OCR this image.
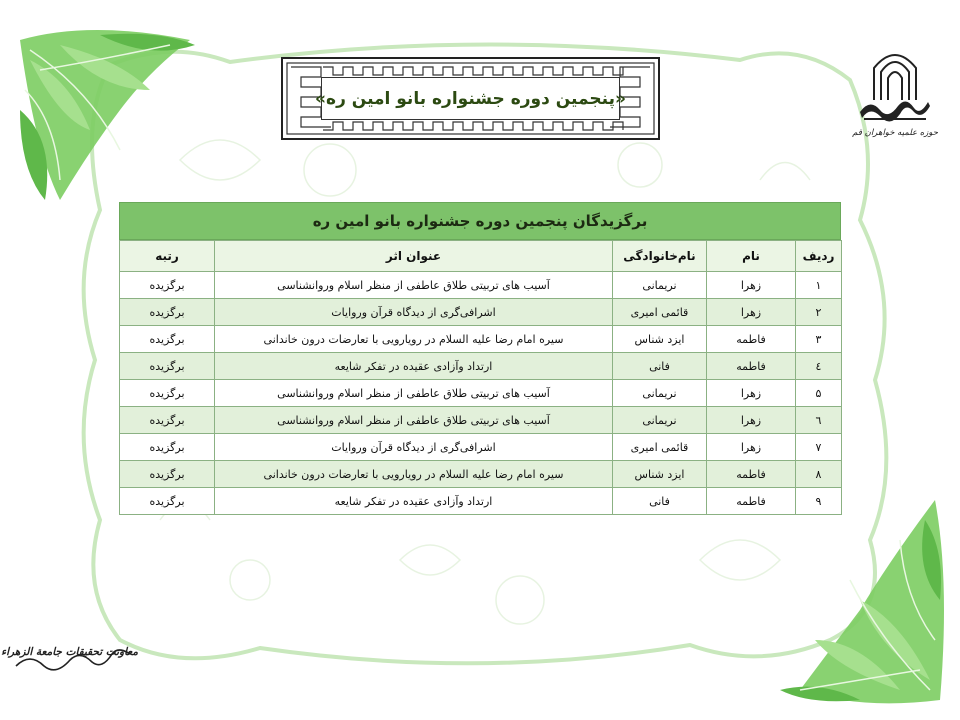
«پنجمین دوره جشنواره بانو امین ره»
حوزه علمیه خواهران قم
برگزیدگان پنجمین دوره جشنواره بانو امین ره
ردیف	نام	نام‌خانوادگی	عنوان اثر	رتبه
۱	زهرا	نریمانی	آسیب های تربیتی طلاق عاطفی از منظر اسلام وروانشناسی	برگزیده
۲	زهرا	قائمی امیری	اشرافی‌گری از دیدگاه قرآن وروایات	برگزیده
۳	فاطمه	ایزد شناس	سیره امام رضا علیه السلام در رویارویی با تعارضات درون خاندانی	برگزیده
٤	فاطمه	فانی	ارتداد وآزادی عقیده در تفکر شایعه	برگزیده
۵	زهرا	نریمانی	آسیب های تربیتی طلاق عاطفی از منظر اسلام وروانشناسی	برگزیده
٦	زهرا	نریمانی	آسیب های تربیتی طلاق عاطفی از منظر اسلام وروانشناسی	برگزیده
۷	زهرا	قائمی امیری	اشرافی‌گری از دیدگاه قرآن وروایات	برگزیده
۸	فاطمه	ایزد شناس	سیره امام رضا علیه السلام در رویارویی با تعارضات درون خاندانی	برگزیده
۹	فاطمه	فانی	ارتداد وآزادی عقیده در تفکر شایعه	برگزیده
معاونت تحقیقات جامعة الزهراء
